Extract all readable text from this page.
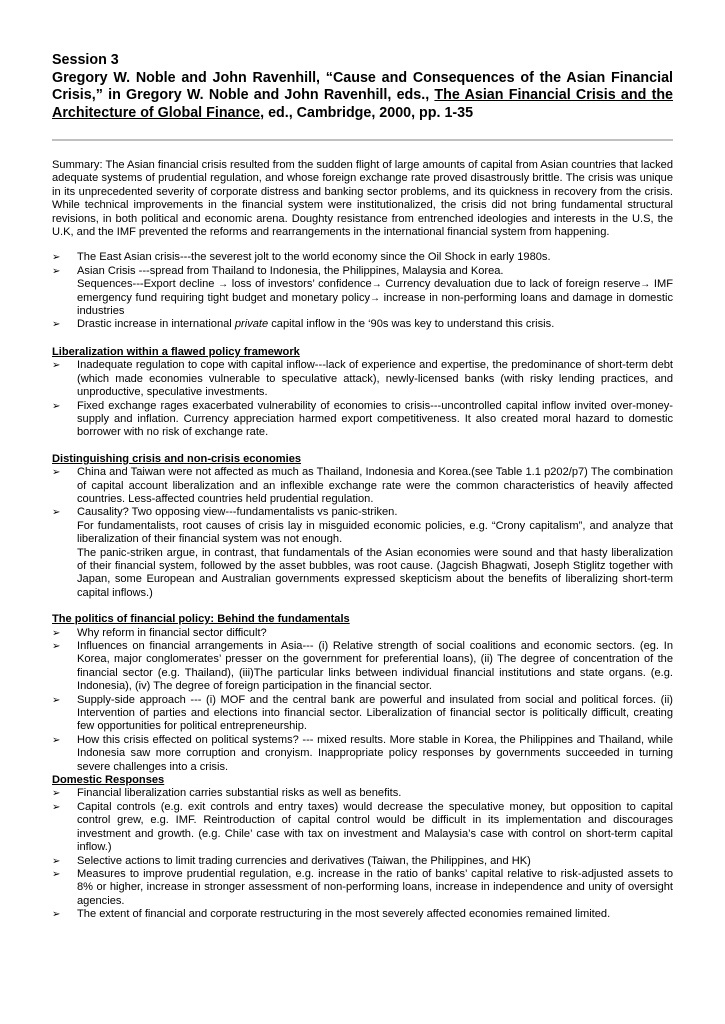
Session 3
Gregory W. Noble and John Ravenhill, “Cause and Consequences of the Asian Financial Crisis,” in Gregory W. Noble and John Ravenhill, eds., The Asian Financial Crisis and the Architecture of Global Finance, ed., Cambridge, 2000, pp. 1-35
Summary: The Asian financial crisis resulted from the sudden flight of large amounts of capital from Asian countries that lacked adequate systems of prudential regulation, and whose foreign exchange rate proved disastrously brittle. The crisis was unique in its unprecedented severity of corporate distress and banking sector problems, and its quickness in recovery from the crisis. While technical improvements in the financial system were institutionalized, the crisis did not bring fundamental structural revisions, in both political and economic arena. Doughty resistance from entrenched ideologies and interests in the U.S, the U.K, and the IMF prevented the reforms and rearrangements in the international financial system from happening.
➢ The East Asian crisis---the severest jolt to the world economy since the Oil Shock in early 1980s.
➢ Asian Crisis ---spread from Thailand to Indonesia, the Philippines, Malaysia and Korea.
Sequences---Export decline → loss of investors’ confidence→ Currency devaluation due to lack of foreign reserve→ IMF emergency fund requiring tight budget and monetary policy→ increase in non-performing loans and damage in domestic industries
➢ Drastic increase in international private capital inflow in the ‘90s was key to understand this crisis.
Liberalization within a flawed policy framework
➢ Inadequate regulation to cope with capital inflow---lack of experience and expertise, the predominance of short-term debt (which made economies vulnerable to speculative attack), newly-licensed banks (with risky lending practices, and unproductive, speculative investments.
➢ Fixed exchange rages exacerbated vulnerability of economies to crisis---uncontrolled capital inflow invited over-money-supply and inflation. Currency appreciation harmed export competitiveness. It also created moral hazard to domestic borrower with no risk of exchange rate.
Distinguishing crisis and non-crisis economies
➢ China and Taiwan were not affected as much as Thailand, Indonesia and Korea.(see Table 1.1 p202/p7) The combination of capital account liberalization and an inflexible exchange rate were the common characteristics of heavily affected countries. Less-affected countries held prudential regulation.
➢ Causality? Two opposing view---fundamentalists vs panic-striken.
For fundamentalists, root causes of crisis lay in misguided economic policies, e.g. “Crony capitalism”, and analyze that liberalization of their financial system was not enough.
The panic-striken argue, in contrast, that fundamentals of the Asian economies were sound and that hasty liberalization of their financial system, followed by the asset bubbles, was root cause. (Jagcish Bhagwati, Joseph Stiglitz together with Japan, some European and Australian governments expressed skepticism about the benefits of liberalizing short-term capital inflows.)
The politics of financial policy: Behind the fundamentals
➢ Why reform in financial sector difficult?
➢ Influences on financial arrangements in Asia--- (i) Relative strength of social coalitions and economic sectors. (eg. In Korea, major conglomerates’ presser on the government for preferential loans), (ii) The degree of concentration of the financial sector (e.g. Thailand), (iii)The particular links between individual financial institutions and state organs. (e.g. Indonesia), (iv) The degree of foreign participation in the financial sector.
➢ Supply-side approach --- (i) MOF and the central bank are powerful and insulated from social and political forces. (ii) Intervention of parties and elections into financial sector. Liberalization of financial sector is politically difficult, creating few opportunities for political entrepreneurship.
➢ How this crisis effected on political systems? --- mixed results. More stable in Korea, the Philippines and Thailand, while Indonesia saw more corruption and cronyism. Inappropriate policy responses by governments succeeded in turning severe challenges into a crisis.
Domestic Responses
➢ Financial liberalization carries substantial risks as well as benefits.
➢ Capital controls (e.g. exit controls and entry taxes) would decrease the speculative money, but opposition to capital control grew, e.g. IMF. Reintroduction of capital control would be difficult in its implementation and discourages investment and growth. (e.g. Chile’ case with tax on investment and Malaysia’s case with control on short-term capital inflow.)
➢ Selective actions to limit trading currencies and derivatives (Taiwan, the Philippines, and HK)
➢ Measures to improve prudential regulation, e.g. increase in the ratio of banks’ capital relative to risk-adjusted assets to 8% or higher, increase in stronger assessment of non-performing loans, increase in independence and unity of oversight agencies.
➢ The extent of financial and corporate restructuring in the most severely affected economies remained limited.
